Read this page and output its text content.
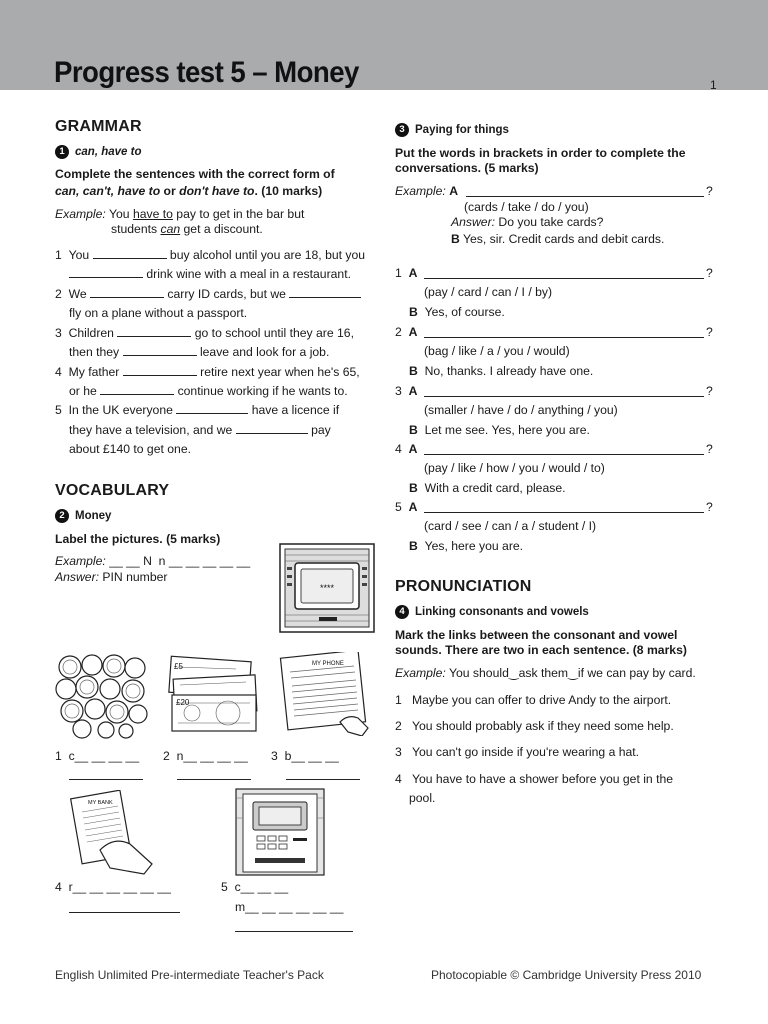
Progress test 5 – Money	1
GRAMMAR
1 can, have to
Complete the sentences with the correct form of
can, can't, have to or don't have to. (10 marks)
Example: You have to pay to get in the bar but
students can get a discount.
1 You	buy alcohol until you are 18, but you
drink wine with a meal in a restaurant.
2 We	carry ID cards, but we
fly on a plane without a passport.
3 Children	go to school until they are 16,
then they	leave and look for a job.
4 My father	retire next year when he's 65,
or he	continue working if he wants to.
5 In the UK everyone	have a licence if
they have a television, and we	pay
about £140 to get one.
VOCABULARY
2 Money
Label the pictures. (5 marks)
Example: __ __ N  n __ __ __ __ __
Answer: PIN number
****
£5
£20
MY PHONE
1 c__ __ __ __ 2 n__ __ __ __ 3 b__ __ __
MY BANK
4 r__ __ __ __ __ __	5 c__ __ __
m__ __ __ __ __ __
3 Paying for things
Put the words in brackets in order to complete the
conversations. (5 marks)
Example: A	?
(cards / take / do / you)
Answer: Do you take cards?
B Yes, sir. Credit cards and debit cards.
1 A	?
(pay / card / can / I / by)
B Yes, of course.
2 A	?
(bag / like / a / you / would)
B No, thanks. I already have one.
3 A	?
(smaller / have / do / anything / you)
B Let me see. Yes, here you are.
4 A	?
(pay / like / how / you / would / to)
B With a credit card, please.
5 A	?
(card / see / can / a / student / I)
B Yes, here you are.
PRONUNCIATION
4 Linking consonants and vowels
Mark the links between the consonant and vowel
sounds. There are two in each sentence. (8 marks)
Example: You should‿ask them‿if we can pay by card.
1 Maybe you can offer to drive Andy to the airport.
2 You should probably ask if they need some help.
3 You can't go inside if you're wearing a hat.
4 You have to have a shower before you get in the
pool.
English Unlimited Pre-intermediate Teacher's Pack	Photocopiable © Cambridge University Press 2010
